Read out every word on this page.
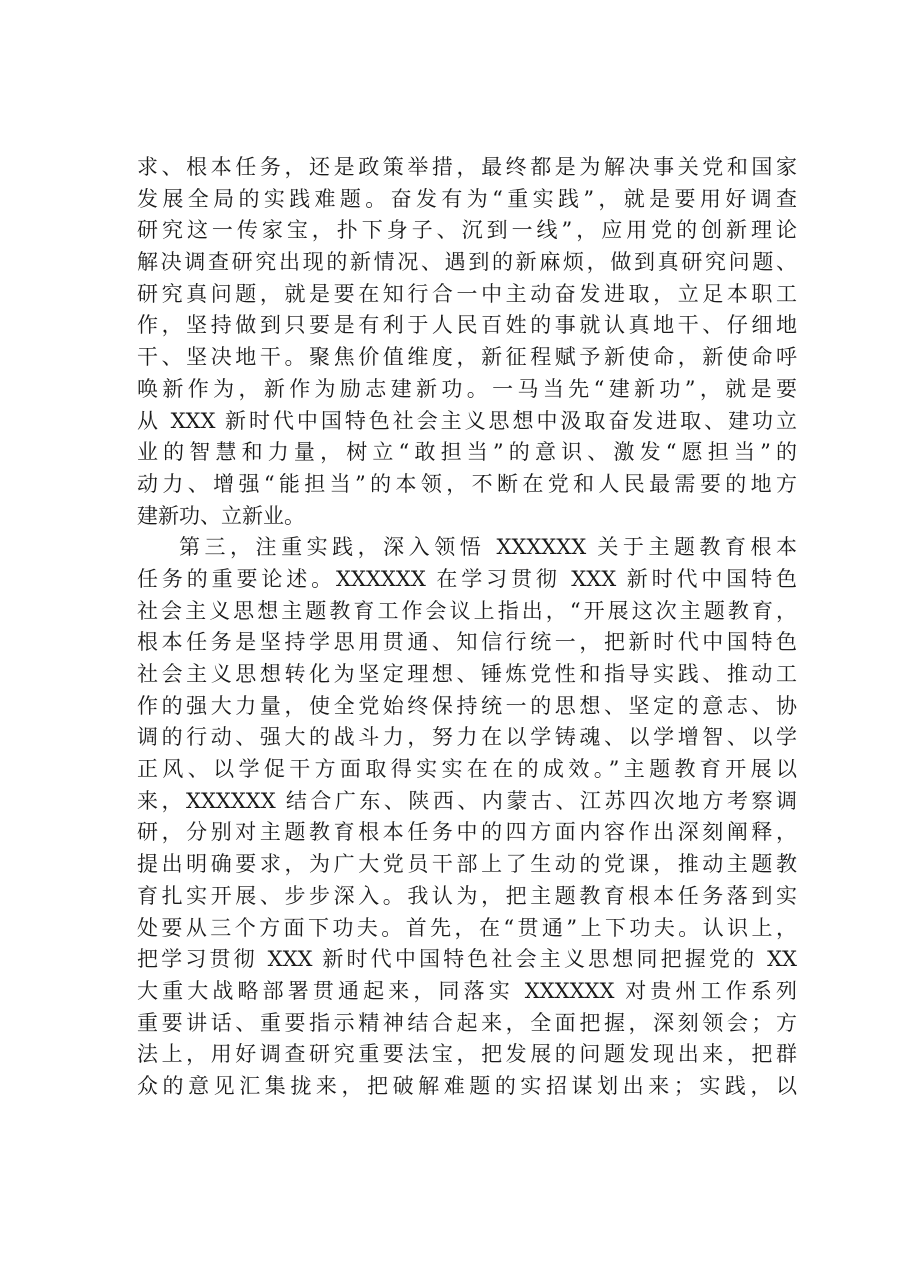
求、根本任务，还是政策举措，最终都是为解决事关党和国家
发展全局的实践难题。奋发有为“重实践”，就是要用好调查
研究这一传家宝，扑下身子、沉到一线”，应用党的创新理论
解决调查研究出现的新情况、遇到的新麻烦，做到真研究问题、
研究真问题，就是要在知行合一中主动奋发进取，立足本职工
作，坚持做到只要是有利于人民百姓的事就认真地干、仔细地
干、坚决地干。聚焦价值维度，新征程赋予新使命，新使命呼
唤新作为，新作为励志建新功。一马当先“建新功”，就是要
从 XXX 新时代中国特色社会主义思想中汲取奋发进取、建功立
业的智慧和力量，树立“敢担当”的意识、激发“愿担当”的
动力、增强“能担当”的本领，不断在党和人民最需要的地方
建新功、立新业。
第三，注重实践，深入领悟 XXXXXX 关于主题教育根本
任务的重要论述。XXXXXX 在学习贯彻 XXX 新时代中国特色
社会主义思想主题教育工作会议上指出，“开展这次主题教育，
根本任务是坚持学思用贯通、知信行统一，把新时代中国特色
社会主义思想转化为坚定理想、锤炼党性和指导实践、推动工
作的强大力量，使全党始终保持统一的思想、坚定的意志、协
调的行动、强大的战斗力，努力在以学铸魂、以学增智、以学
正风、以学促干方面取得实实在在的成效。”主题教育开展以
来，XXXXXX 结合广东、陕西、内蒙古、江苏四次地方考察调
研，分别对主题教育根本任务中的四方面内容作出深刻阐释，
提出明确要求，为广大党员干部上了生动的党课，推动主题教
育扎实开展、步步深入。我认为，把主题教育根本任务落到实
处要从三个方面下功夫。首先，在“贯通”上下功夫。认识上，
把学习贯彻 XXX 新时代中国特色社会主义思想同把握党的 XX
大重大战略部署贯通起来，同落实 XXXXXX 对贵州工作系列
重要讲话、重要指示精神结合起来，全面把握，深刻领会；方
法上，用好调查研究重要法宝，把发展的问题发现出来，把群
众的意见汇集拢来，把破解难题的实招谋划出来；实践，以
